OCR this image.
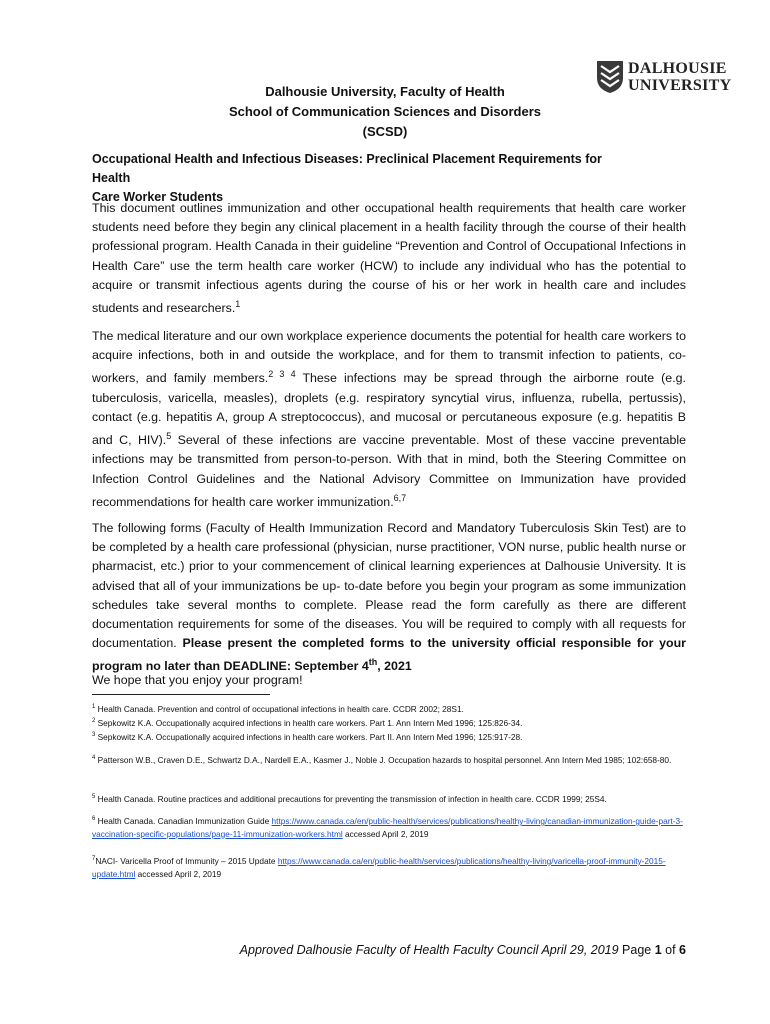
DALHOUSIE
UNIVERSITY
Dalhousie University, Faculty of Health
School of Communication Sciences and Disorders
(SCSD)
Occupational Health and Infectious Diseases: Preclinical Placement Requirements for Health
Care Worker Students

This document outlines immunization and other occupational health requirements that health care worker students need before they begin any clinical placement in a health facility through the course of their health professional program. Health Canada in their guideline “Prevention and Control of Occupational Infections in Health Care” use the term health care worker (HCW) to include any individual who has the potential to acquire or transmit infectious agents during the course of his or her work in health care and includes students and researchers.$^1$

The medical literature and our own workplace experience documents the potential for health care workers to acquire infections, both in and outside the workplace, and for them to transmit infection to patients, co-workers, and family members.$^{2 3 4}$ These infections may be spread through the airborne route (e.g. tuberculosis, varicella, measles), droplets (e.g. respiratory syncytial virus, influenza, rubella, pertussis), contact (e.g. hepatitis A, group A streptococcus), and mucosal or percutaneous exposure (e.g. hepatitis B and C, HIV).$^5$ Several of these infections are vaccine preventable. Most of these vaccine preventable infections may be transmitted from person-to-person. With that in mind, both the Steering Committee on Infection Control Guidelines and the National Advisory Committee on Immunization have provided recommendations for health care worker immunization.$^{6,7}$

The following forms (Faculty of Health Immunization Record and Mandatory Tuberculosis Skin Test) are to be completed by a health care professional (physician, nurse practitioner, VON nurse, public health nurse or pharmacist, etc.) prior to your commencement of clinical learning experiences at Dalhousie University. It is advised that all of your immunizations be up- to-date before you begin your program as some immunization schedules take several months to complete. Please read the form carefully as there are different documentation requirements for some of the diseases. You will be required to comply with all requests for documentation. Please present the completed forms to the university official responsible for your program no later than DEADLINE: September 4th, 2021

We hope that you enjoy your program!

$^1$ Health Canada. Prevention and control of occupational infections in health care. CCDR 2002; 28S1.

$^2$ Sepkowitz K.A. Occupationally acquired infections in health care workers. Part 1. Ann Intern Med 1996; 125:826-34.

$^3$ Sepkowitz K.A. Occupationally acquired infections in health care workers. Part II. Ann Intern Med 1996; 125:917-28.

$^4$ Patterson W.B., Craven D.E., Schwartz D.A., Nardell E.A., Kasmer J., Noble J. Occupation hazards to hospital personnel. Ann Intern Med 1985; 102:658-80.

$^5$ Health Canada. Routine practices and additional precautions for preventing the transmission of infection in health care. CCDR 1999; 25S4.

$^6$ Health Canada. Canadian Immunization Guide https://www.canada.ca/en/public-health/services/publications/healthy-living/canadian-immunization-guide-part-3-vaccination-specific-populations/page-11-immunization-workers.html accessed April 2, 2019

$^7$NACI- Varicella Proof of Immunity – 2015 Update https://www.canada.ca/en/public-health/services/publications/healthy-living/varicella-proof-immunity-2015-update.html accessed April 2, 2019

Approved Dalhousie Faculty of Health Faculty Council April 29, 2019 Page 1 of 6
